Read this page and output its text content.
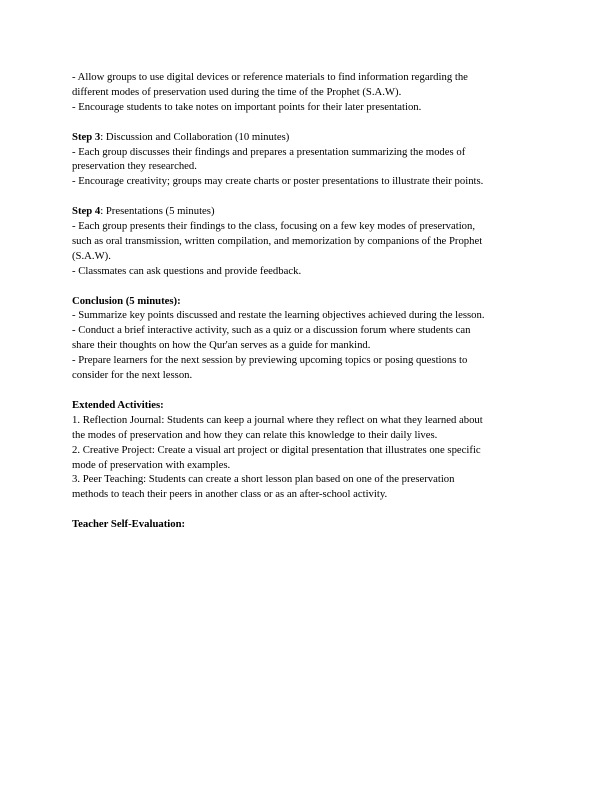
- Allow groups to use digital devices or reference materials to find information regarding the
different modes of preservation used during the time of the Prophet (S.A.W).
- Encourage students to take notes on important points for their later presentation.
Step 3: Discussion and Collaboration (10 minutes)
- Each group discusses their findings and prepares a presentation summarizing the modes of
preservation they researched.
- Encourage creativity; groups may create charts or poster presentations to illustrate their points.
Step 4: Presentations (5 minutes)
- Each group presents their findings to the class, focusing on a few key modes of preservation,
such as oral transmission, written compilation, and memorization by companions of the Prophet
(S.A.W).
- Classmates can ask questions and provide feedback.
Conclusion (5 minutes):
- Summarize key points discussed and restate the learning objectives achieved during the lesson.
- Conduct a brief interactive activity, such as a quiz or a discussion forum where students can
share their thoughts on how the Qur'an serves as a guide for mankind.
- Prepare learners for the next session by previewing upcoming topics or posing questions to
consider for the next lesson.
Extended Activities:
1. Reflection Journal: Students can keep a journal where they reflect on what they learned about
the modes of preservation and how they can relate this knowledge to their daily lives.
2. Creative Project: Create a visual art project or digital presentation that illustrates one specific
mode of preservation with examples.
3. Peer Teaching: Students can create a short lesson plan based on one of the preservation
methods to teach their peers in another class or as an after-school activity.
Teacher Self-Evaluation:
